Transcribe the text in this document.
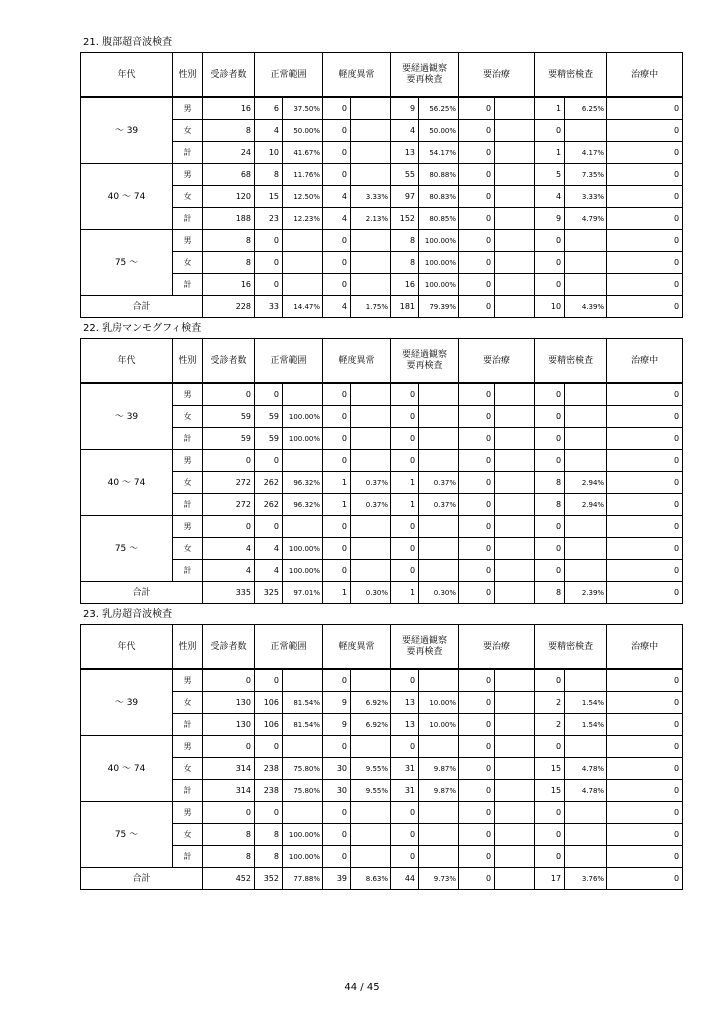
21. 腹部超音波検査
年代	性別	受診者数	正常範囲		軽度異常		要経過観察
要再検査		要治療		要精密検査		治療中
～ 39	男	16	6	37.50%	0		9	56.25%	0		1	6.25%	0
	女	8	4	50.00%	0		4	50.00%	0		0		0
	計	24	10	41.67%	0		13	54.17%	0		1	4.17%	0
40 ～ 74	男	68	8	11.76%	0		55	80.88%	0		5	7.35%	0
	女	120	15	12.50%	4	3.33%	97	80.83%	0		4	3.33%	0
	計	188	23	12.23%	4	2.13%	152	80.85%	0		9	4.79%	0
75 ～	男	8	0		0		8	100.00%	0		0		0
	女	8	0		0		8	100.00%	0		0		0
	計	16	0		0		16	100.00%	0		0		0
合計		228	33	14.47%	4	1.75%	181	79.39%	0		10	4.39%	0
22. 乳房マンモグフィ検査
年代	性別	受診者数	正常範囲		軽度異常		要経過観察
要再検査		要治療		要精密検査		治療中
～ 39	男	0	0		0		0		0		0		0
	女	59	59	100.00%	0		0		0		0		0
	計	59	59	100.00%	0		0		0		0		0
40 ～ 74	男	0	0		0		0		0		0		0
	女	272	262	96.32%	1	0.37%	1	0.37%	0		8	2.94%	0
	計	272	262	96.32%	1	0.37%	1	0.37%	0		8	2.94%	0
75 ～	男	0	0		0		0		0		0		0
	女	4	4	100.00%	0		0		0		0		0
	計	4	4	100.00%	0		0		0		0		0
合計		335	325	97.01%	1	0.30%	1	0.30%	0		8	2.39%	0
23. 乳房超音波検査
年代	性別	受診者数	正常範囲		軽度異常		要経過観察
要再検査		要治療		要精密検査		治療中
～ 39	男	0	0		0		0		0		0		0
	女	130	106	81.54%	9	6.92%	13	10.00%	0		2	1.54%	0
	計	130	106	81.54%	9	6.92%	13	10.00%	0		2	1.54%	0
40 ～ 74	男	0	0		0		0		0		0		0
	女	314	238	75.80%	30	9.55%	31	9.87%	0		15	4.78%	0
	計	314	238	75.80%	30	9.55%	31	9.87%	0		15	4.78%	0
75 ～	男	0	0		0		0		0		0		0
	女	8	8	100.00%	0		0		0		0		0
	計	8	8	100.00%	0		0		0		0		0
合計		452	352	77.88%	39	8.63%	44	9.73%	0		17	3.76%	0
44 / 45
